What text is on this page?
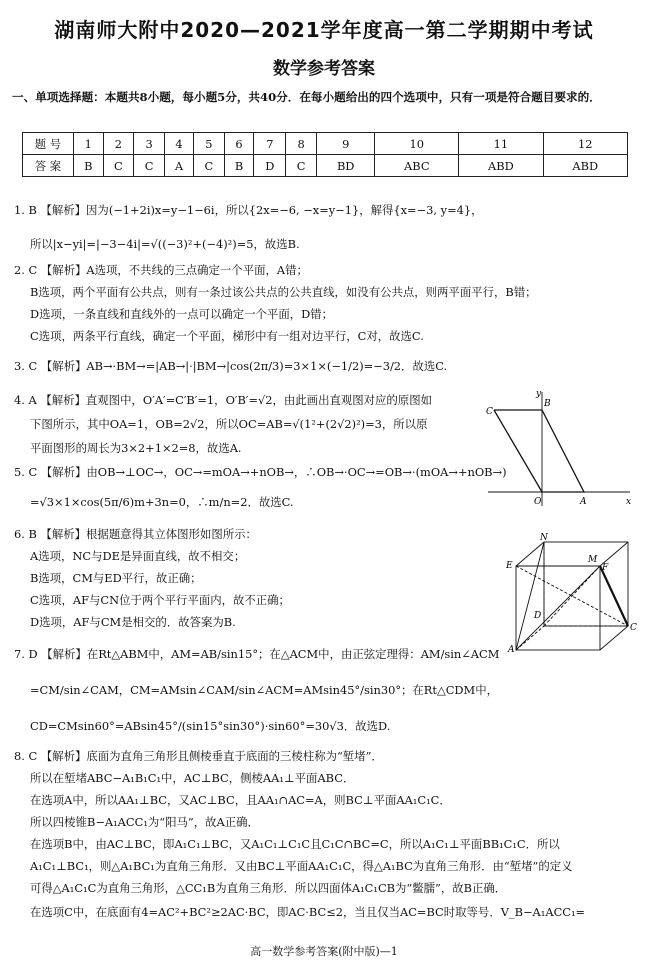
湖南师大附中2020—2021学年度高一第二学期期中考试
数学参考答案
一、单项选择题：本题共8小题，每小题5分，共40分．在每小题给出的四个选项中，只有一项是符合题目要求的．
题 号	1	2	3	4	5	6	7	8	9	10	11	12
答 案	B	C	C	A	C	B	D	C	BD	ABC	ABD	ABD
1. B 【解析】因为(−1+2i)x=y−1−6i，所以{2x=−6, −x=y−1}，解得{x=−3, y=4}，
所以|x−yi|=|−3−4i|=√((−3)²+(−4)²)=5，故选B.
2. C 【解析】A选项，不共线的三点确定一个平面，A错；
B选项，两个平面有公共点，则有一条过该公共点的公共直线，如没有公共点，则两平面平行，B错；
D选项，一条直线和直线外的一点可以确定一个平面，D错；
C选项，两条平行直线，确定一个平面，梯形中有一组对边平行，C对，故选C.
3. C 【解析】AB→·BM→=|AB→|·|BM→|cos(2π/3)=3×1×(−1/2)=−3/2．故选C.
4. A 【解析】直观图中，O′A′=C′B′=1，O′B′=√2，由此画出直观图对应的原图如
下图所示，其中OA=1，OB=2√2，所以OC=AB=√(1²+(2√2)²)=3，所以原
平面图形的周长为3×2+1×2=8，故选A.
5. C 【解析】由OB→⊥OC→，OC→=mOA→+nOB→，∴OB→·OC→=OB→·(mOA→+nOB→)
=√3×1×cos(5π/6)m+3n=0，∴m/n=2．故选C.
6. B 【解析】根据题意得其立体图形如图所示：
A选项，NC与DE是异面直线，故不相交；
B选项，CM与ED平行，故正确；
C选项，AF与CN位于两个平行平面内，故不正确；
D选项，AF与CM是相交的．故答案为B.
7. D 【解析】在Rt△ABM中，AM=AB/sin15°；在△ACM中，由正弦定理得：AM/sin∠ACM
=CM/sin∠CAM，CM=AMsin∠CAM/sin∠ACM=AMsin45°/sin30°；在Rt△CDM中，
CD=CMsin60°=ABsin45°/(sin15°sin30°)·sin60°=30√3．故选D.
8. C 【解析】底面为直角三角形且侧棱垂直于底面的三棱柱称为“堑堵”．
所以在堑堵ABC−A₁B₁C₁中，AC⊥BC，侧棱AA₁⊥平面ABC．
在选项A中，所以AA₁⊥BC，又AC⊥BC，且AA₁∩AC=A，则BC⊥平面AA₁C₁C．
所以四棱锥B−A₁ACC₁为“阳马”，故A正确．
在选项B中，由AC⊥BC，即A₁C₁⊥BC，又A₁C₁⊥C₁C且C₁C∩BC=C，所以A₁C₁⊥平面BB₁C₁C．所以
A₁C₁⊥BC₁，则△A₁BC₁为直角三角形．又由BC⊥平面AA₁C₁C，得△A₁BC为直角三角形．由“堑堵”的定义
可得△A₁C₁C为直角三角形，△CC₁B为直角三角形．所以四面体A₁C₁CB为“鳖臑”，故B正确．
在选项C中，在底面有4=AC²+BC²≥2AC·BC，即AC·BC≤2，当且仅当AC=BC时取等号．V_B−A₁ACC₁=
y
C
B
O	A	x
N
E
M
F
D
A
C
高一数学参考答案(附中版)—1
